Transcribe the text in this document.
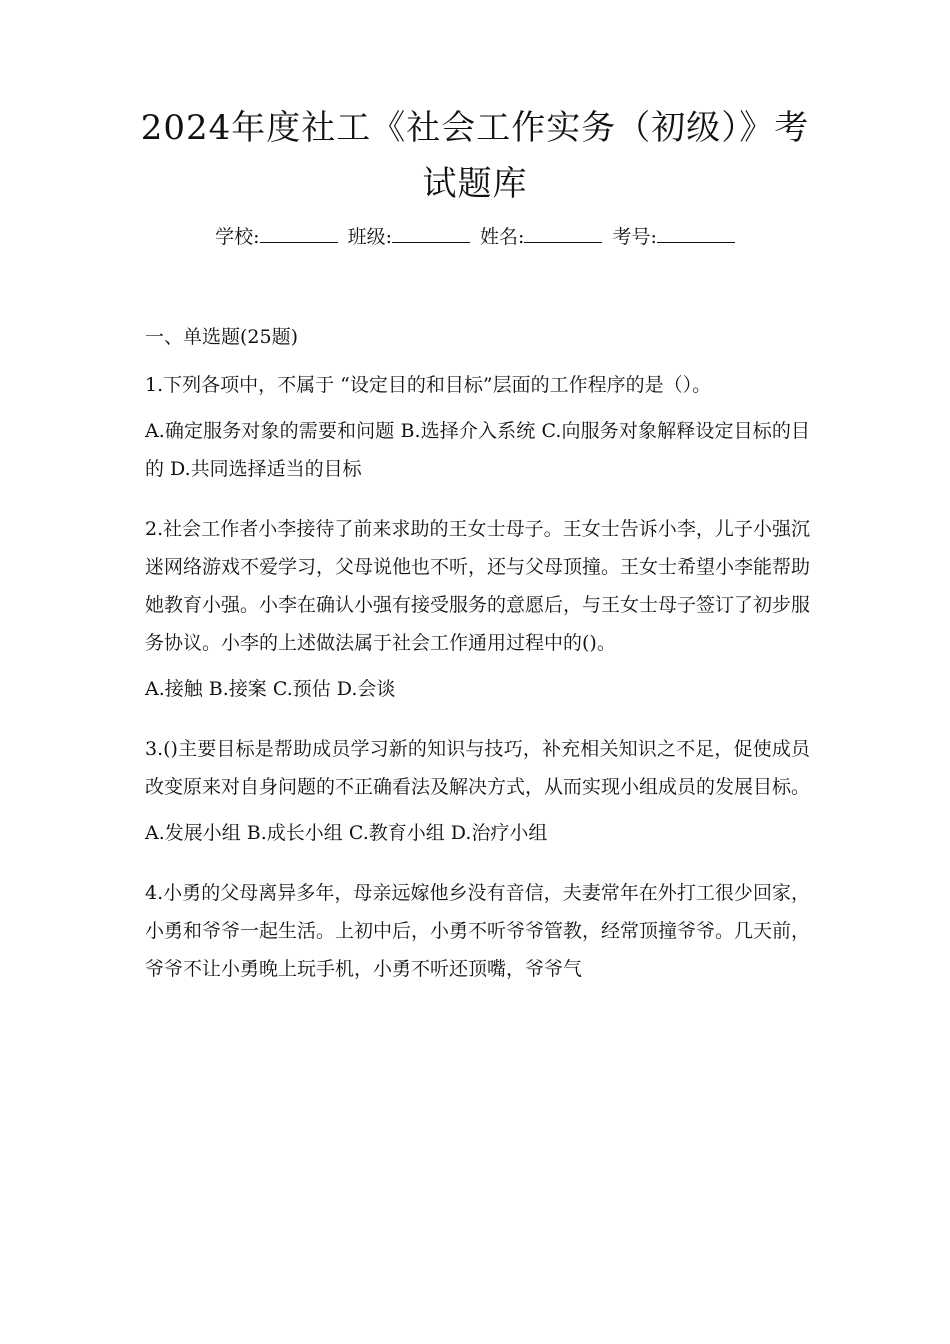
2024年度社工《社会工作实务（初级）》考
试题库
学校:	班级:	姓名:	考号:

一、单选题(25题)

1.下列各项中，不属于 “设定目的和目标”层面的工作程序的是（）。

A.确定服务对象的需要和问题 B.选择介入系统 C.向服务对象解释设定目标的目的 D.共同选择适当的目标

2.社会工作者小李接待了前来求助的王女士母子。王女士告诉小李，儿子小强沉迷网络游戏不爱学习，父母说他也不听，还与父母顶撞。王女士希望小李能帮助她教育小强。小李在确认小强有接受服务的意愿后，与王女士母子签订了初步服务协议。小李的上述做法属于社会工作通用过程中的()。

A.接触 B.接案 C.预估 D.会谈

3.()主要目标是帮助成员学习新的知识与技巧，补充相关知识之不足，促使成员改变原来对自身问题的不正确看法及解决方式，从而实现小组成员的发展目标。

A.发展小组 B.成长小组 C.教育小组 D.治疗小组

4.小勇的父母离异多年，母亲远嫁他乡没有音信，夫妻常年在外打工很少回家，小勇和爷爷一起生活。上初中后，小勇不听爷爷管教，经常顶撞爷爷。几天前，爷爷不让小勇晚上玩手机，小勇不听还顶嘴，爷爷气
